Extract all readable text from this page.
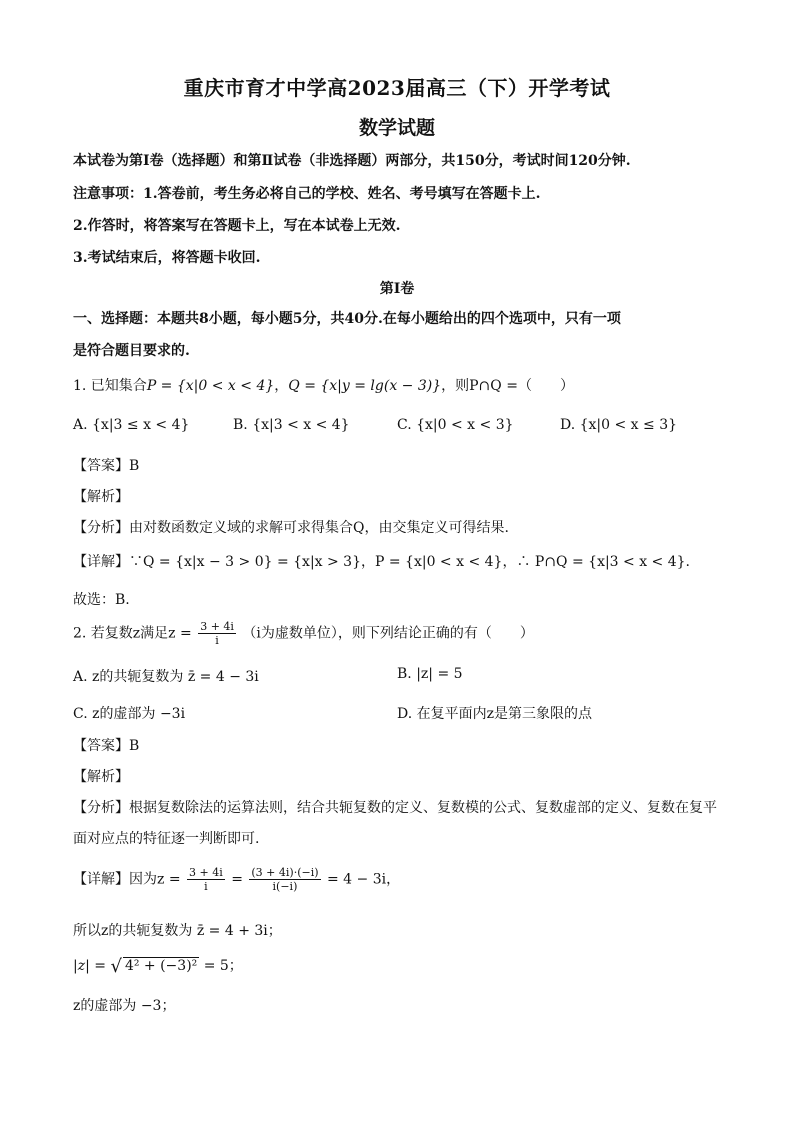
重庆市育才中学高2023届高三（下）开学考试
数学试题
本试卷为第Ⅰ卷（选择题）和第Ⅱ试卷（非选择题）两部分，共150分，考试时间120分钟.
注意事项：1.答卷前，考生务必将自己的学校、姓名、考号填写在答题卡上.
2.作答时，将答案写在答题卡上，写在本试卷上无效.
3.考试结束后，将答题卡收回.
第Ⅰ卷
一、选择题：本题共8小题，每小题5分，共40分.在每小题给出的四个选项中，只有一项
是符合题目要求的.
1. 已知集合P = {x|0 < x < 4}，Q = {x|y = lg(x − 3)}，则P∩Q =（　　）
A. {x|3 ≤ x < 4}	B. {x|3 < x < 4}	C. {x|0 < x < 3}	D. {x|0 < x ≤ 3}
【答案】B
【解析】
【分析】由对数函数定义域的求解可求得集合Q，由交集定义可得结果.
【详解】∵Q = {x|x − 3 > 0} = {x|x > 3}，P = {x|0 < x < 4}，∴ P∩Q = {x|3 < x < 4}.
故选：B.
2. 若复数z满足$z = \frac{3 + 4i}{i} (i$为虚数单位），则下列结论正确的有（　　）
A. z的共轭复数为 z̄ = 4 − 3i	B. |z| = 5
C. z的虚部为 −3i	D. 在复平面内z是第三象限的点
【答案】B
【解析】
【分析】根据复数除法的运算法则，结合共轭复数的定义、复数模的公式、复数虚部的定义、复数在复平
面对应点的特征逐一判断即可.
【详解】因为$z = \frac{3 + 4i}{i} = \frac{(3 + 4i)\cdot(-i)}{i(-i)} = 4 - 3i$，
所以z的共轭复数为 z̄ = 4 + 3i；
|z| = √ 4² + (−3)² = 5；
z的虚部为 −3；
